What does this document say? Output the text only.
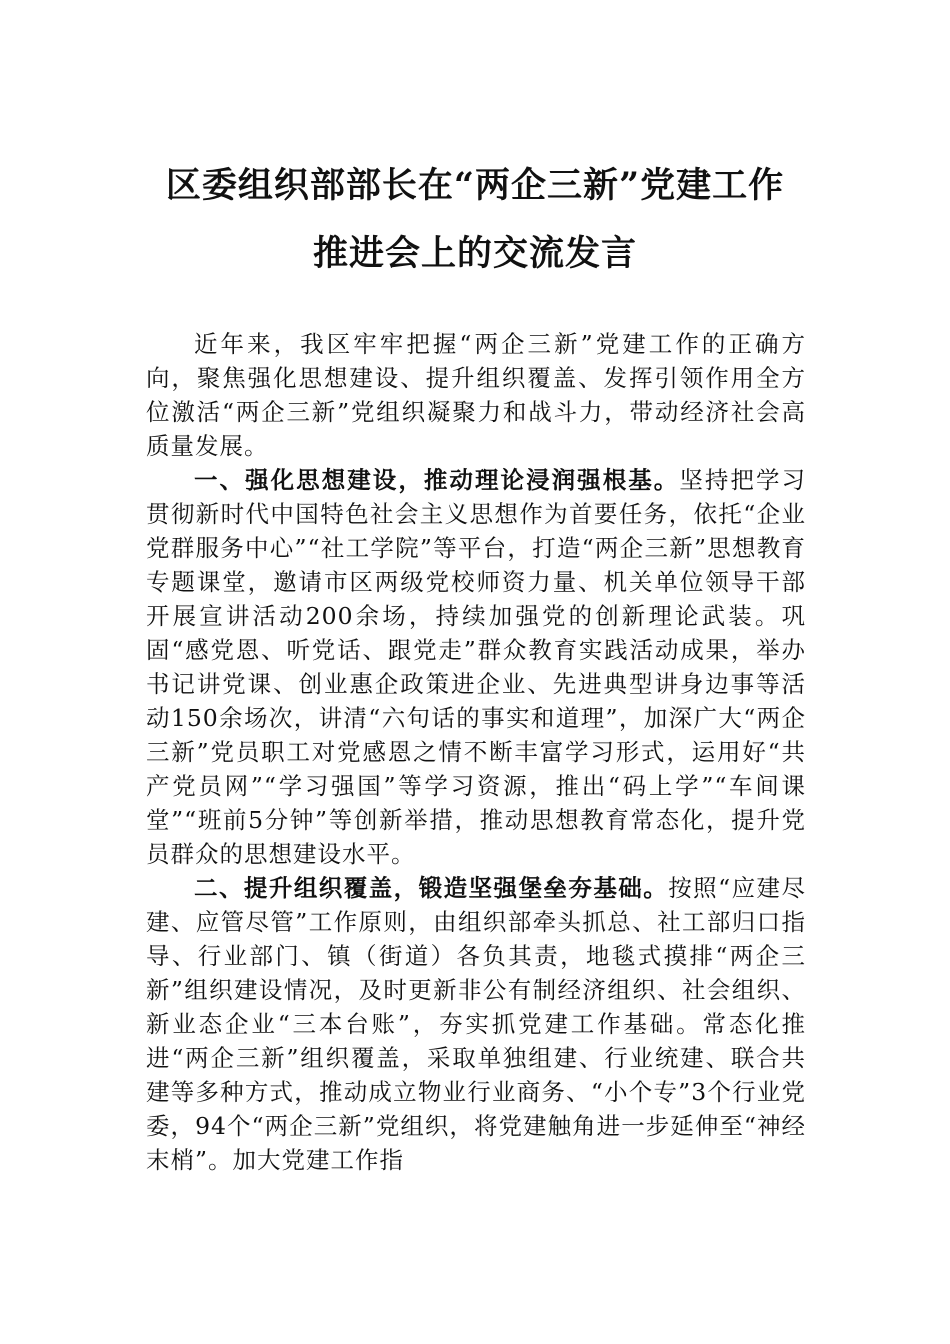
区委组织部部长在“两企三新”党建工作
推进会上的交流发言

近年来，我区牢牢把握“两企三新”党建工作的正确方向，聚焦强化思想建设、提升组织覆盖、发挥引领作用全方位激活“两企三新”党组织凝聚力和战斗力，带动经济社会高质量发展。

一、强化思想建设，推动理论浸润强根基。坚持把学习贯彻新时代中国特色社会主义思想作为首要任务，依托“企业党群服务中心”“社工学院”等平台，打造“两企三新”思想教育专题课堂，邀请市区两级党校师资力量、机关单位领导干部开展宣讲活动200余场，持续加强党的创新理论武装。巩固“感党恩、听党话、跟党走”群众教育实践活动成果，举办书记讲党课、创业惠企政策进企业、先进典型讲身边事等活动150余场次，讲清“六句话的事实和道理”，加深广大“两企三新”党员职工对党感恩之情不断丰富学习形式，运用好“共产党员网”“学习强国”等学习资源，推出“码上学”“车间课堂”“班前5分钟”等创新举措，推动思想教育常态化，提升党员群众的思想建设水平。

二、提升组织覆盖，锻造坚强堡垒夯基础。按照“应建尽建、应管尽管”工作原则，由组织部牵头抓总、社工部归口指导、行业部门、镇（街道）各负其责，地毯式摸排“两企三新”组织建设情况，及时更新非公有制经济组织、社会组织、新业态企业“三本台账”，夯实抓党建工作基础。常态化推进“两企三新”组织覆盖，采取单独组建、行业统建、联合共建等多种方式，推动成立物业行业商务、“小个专”3个行业党委，94个“两企三新”党组织，将党建触角进一步延伸至“神经末梢”。加大党建工作指
